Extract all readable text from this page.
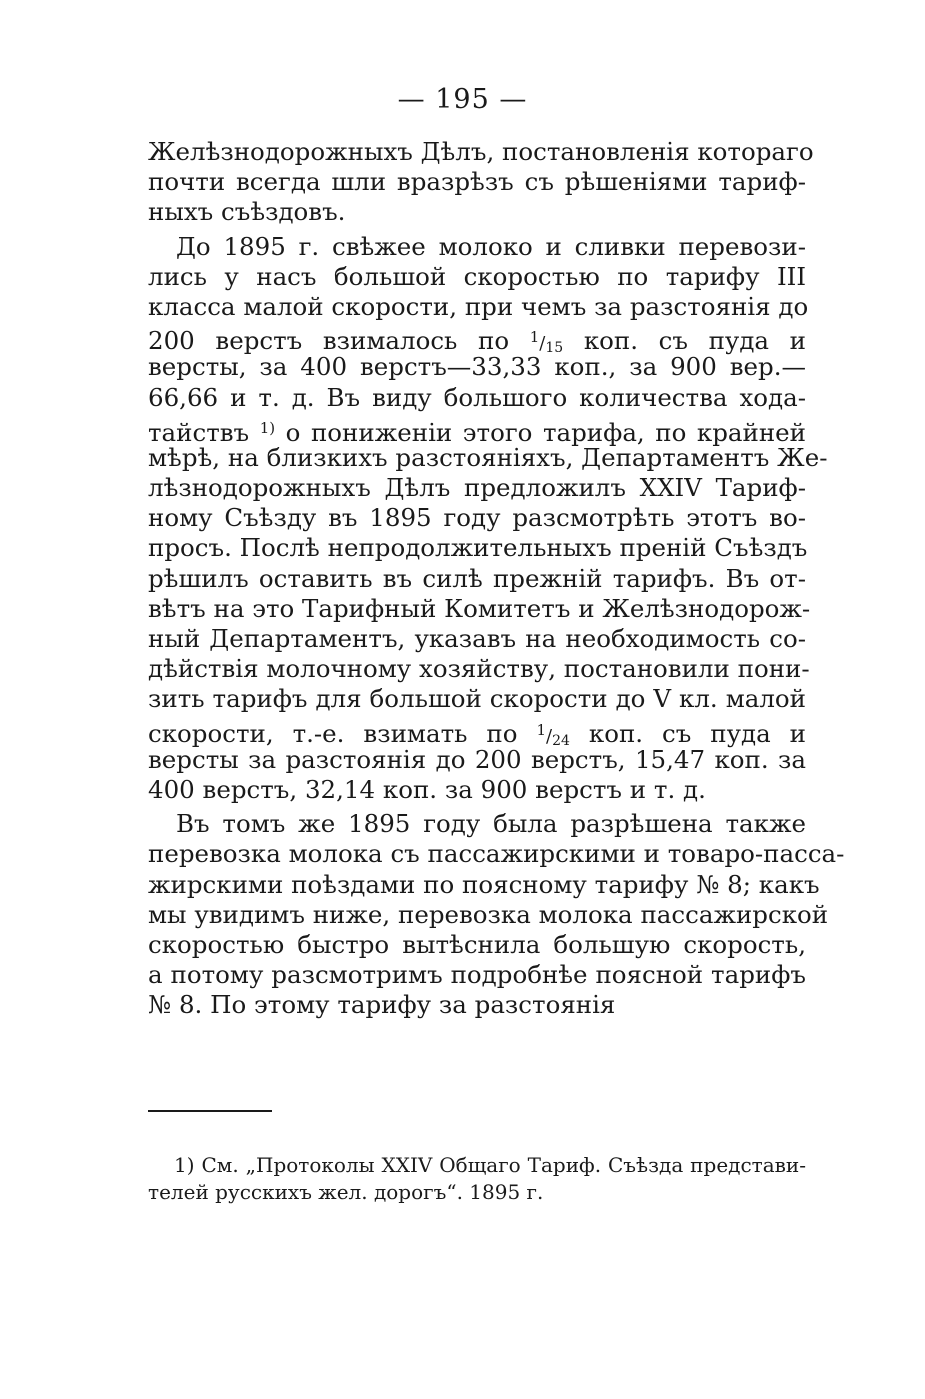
— 195 —
Желѣзнодорожныхъ Дѣлъ, постановленія котораго
почти всегда шли вразрѣзъ съ рѣшеніями тариф-
ныхъ съѣздовъ.
До 1895 г. свѣжее молоко и сливки перевози-
лись у насъ большой скоростью по тарифу III
класса малой скорости, при чемъ за разстоянія до
200 верстъ взималось по $^1/_{15}$ коп. съ пуда и
версты, за 400 верстъ—33,33 коп., за 900 вер.—
66,66 и т. д. Въ виду большого количества хода-
тайствъ $^{1)}$ о пониженіи этого тарифа, по крайней
мѣрѣ, на близкихъ разстояніяхъ, Департаментъ Же-
лѣзнодорожныхъ Дѣлъ предложилъ XXIV Тариф-
ному Съѣзду въ 1895 году разсмотрѣть этотъ во-
просъ. Послѣ непродолжительныхъ преній Съѣздъ
рѣшилъ оставить въ силѣ прежній тарифъ. Въ от-
вѣтъ на это Тарифный Комитетъ и Желѣзнодорож-
ный Департаментъ, указавъ на необходимость со-
дѣйствія молочному хозяйству, постановили пони-
зить тарифъ для большой скорости до V кл. малой
скорости, т.-е. взимать по $^1/_{24}$ коп. съ пуда и
версты за разстоянія до 200 верстъ, 15,47 коп. за
400 верстъ, 32,14 коп. за 900 верстъ и т. д.
Въ томъ же 1895 году была разрѣшена также
перевозка молока съ пассажирскими и товаро-пасса-
жирскими поѣздами по поясному тарифу № 8; какъ
мы увидимъ ниже, перевозка молока пассажирской
скоростью быстро вытѣснила большую скорость,
а потому разсмотримъ подробнѣе поясной тарифъ
№ 8. По этому тарифу за разстоянія
1) См. „Протоколы XXIV Общаго Тариф. Съѣзда представи-
телей русскихъ жел. дорогъ“. 1895 г.
